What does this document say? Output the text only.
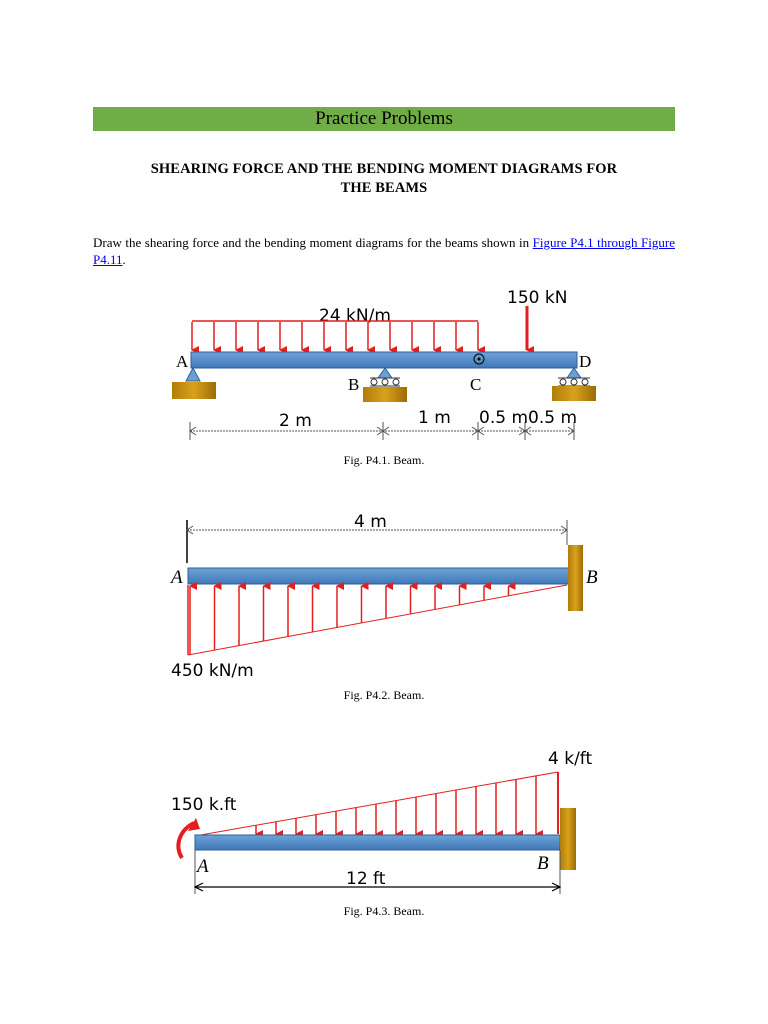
Practice Problems
SHEARING FORCE AND THE BENDING MOMENT DIAGRAMS FOR
THE BEAMS
Draw the shearing force and the bending moment diagrams for the beams shown in Figure P4.1 through Figure P4.11.
24 kN/m
150 kN
A
B	C
D
2 m	1 m 0.5 m 0.5 m
4 m
A	B
450 kN/m
4 k/ft
150 k.ft
A	B
12 ft
Fig. P4.1. Beam.
Fig. P4.2. Beam.
Fig. P4.3. Beam.
